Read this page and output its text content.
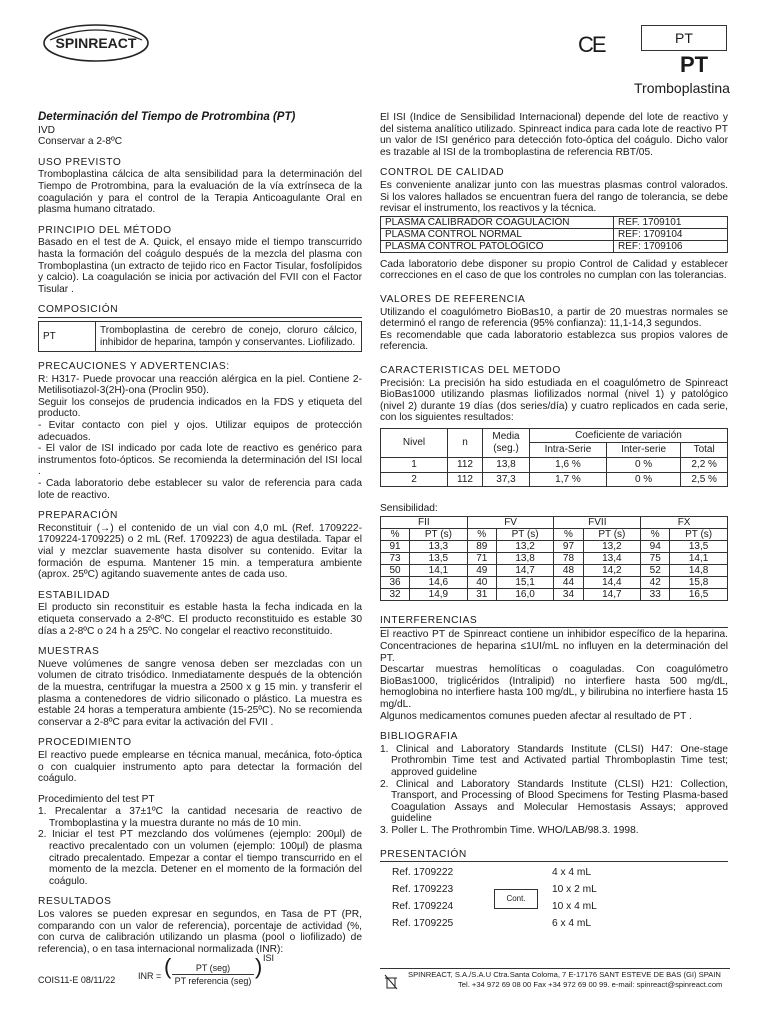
SPINREACT	CE	PT
PT
Tromboplastina
Determinación del Tiempo de Protrombina (PT)
IVD
Conservar a 2-8ºC
USO PREVISTO

Tromboplastina cálcica de alta sensibilidad para la determinación del Tiempo de Protrombina, para la evaluación de la vía extrínseca de la coagulación y para el control de la Terapia Anticoagulante Oral en plasma humano citratado.

PRINCIPIO DEL MÉTODO

Basado en el test de A. Quick, el ensayo mide el tiempo transcurrido hasta la formación del coágulo después de la mezcla del plasma con Tromboplastina (un extracto de tejido rico en Factor Tisular, fosfolípidos y calcio). La coagulación se inicia por activación del FVII con el Factor Tisular .

COMPOSICIÓN
PT	Tromboplastina de cerebro de conejo, cloruro cálcico, inhibidor de heparina, tampón y conservantes. Liofilizado.
PRECAUCIONES Y ADVERTENCIAS:

R: H317- Puede provocar una reacción alérgica en la piel. Contiene 2-Metilisotiazol-3(2H)-ona (Proclin 950).

Seguir los consejos de prudencia indicados en la FDS y etiqueta del producto.

- Evitar contacto con piel y ojos. Utilizar equipos de protección adecuados.

- El valor de ISI indicado por cada lote de reactivo es genérico para instrumentos foto-ópticos. Se recomienda la determinación del ISI local .

- Cada laboratorio debe establecer su valor de referencia para cada lote de reactivo.

PREPARACIÓN

Reconstituir (→) el contenido de un vial con 4,0 mL (Ref. 1709222-1709224-1709225) o 2 mL (Ref. 1709223) de agua destilada. Tapar el vial y mezclar suavemente hasta disolver su contenido. Evitar la formación de espuma. Mantener 15 min. a temperatura ambiente (aprox. 25ºC) agitando suavemente antes de cada uso.

ESTABILIDAD

El producto sin reconstituir es estable hasta la fecha indicada en la etiqueta conservado a 2-8ºC. El producto reconstituido es estable 30 días a 2-8ºC o 24 h a 25ºC. No congelar el reactivo reconstituido.

MUESTRAS

Nueve volúmenes de sangre venosa deben ser mezcladas con un volumen de citrato trisódico. Inmediatamente después de la obtención de la muestra, centrifugar la muestra a 2500 x g 15 min. y transferir el plasma a contenedores de vidrio siliconado o plástico. La muestra es estable 24 horas a temperatura ambiente (15-25ºC). No se recomienda conservar a 2-8ºC para evitar la activación del FVII .

PROCEDIMIENTO

El reactivo puede emplearse en técnica manual, mecánica, foto-óptica o con cualquier instrumento apto para detectar la formación del coágulo.

Procedimiento del test PT

1. Precalentar a 37±1ºC la cantidad necesaria de reactivo de Tromboplastina y la muestra durante no más de 10 min.

2. Iniciar el test PT mezclando dos volúmenes (ejemplo: 200µl) de reactivo precalentado con un volumen (ejemplo: 100µl) de plasma citrado precalentado. Empezar a contar el tiempo transcurrido en el momento de la mezcla. Detener en el momento de la formación del coágulo.

RESULTADOS

Los valores se pueden expresar en segundos, en Tasa de PT (PR, comparando con un valor de referencia), porcentaje de actividad (%, con curva de calibración utilizando un plasma (pool o liofilizado) de referencia), o en tasa internacional normalizada (INR):

INR = (	PT (seg)
PT referencia (seg)
) ISI

El ISI (Indice de Sensibilidad Internacional) depende del lote de reactivo y del sistema analítico utilizado. Spinreact indica para cada lote de reactivo PT un valor de ISI genérico para detección foto-óptica del coágulo. Dicho valor es trazable al ISI de la tromboplastina de referencia RBT/05.

CONTROL DE CALIDAD

Es conveniente analizar junto con las muestras plasmas control valorados. Si los valores hallados se encuentran fuera del rango de tolerancia, se debe revisar el instrumento, los reactivos y la técnica.

PLASMA CALIBRADOR COAGULACIÓN	REF. 1709101
PLASMA CONTROL NORMAL	REF: 1709104
PLASMA CONTROL PATOLÓGICO	REF: 1709106

Cada laboratorio debe disponer su propio Control de Calidad y establecer correcciones en el caso de que los controles no cumplan con las tolerancias.

VALORES DE REFERENCIA

Utilizando el coagulómetro BioBas10, a partir de 20 muestras normales se determinó el rango de referencia (95% confianza): 11,1-14,3 segundos.

Es recomendable que cada laboratorio establezca sus propios valores de referencia.

CARACTERISTICAS DEL METODO

Precisión: La precisión ha sido estudiada en el coagulómetro de Spinreact BioBas1000 utilizando plasmas liofilizados normal (nivel 1) y patológico (nivel 2) durante 19 días (dos series/día) y cuatro replicados en cada serie, con los siguientes resultados:

Nivel	n	Media (seg.)	Coeficiente de variación		
			Intra-Serie	Inter-serie	Total
1	112	13,8	1,6 %	0 %	2,2 %
2	112	37,3	1,7 %	0 %	2,5 %
Sensibilidad:
FII		FV		FVII		FX	
%	PT (s)	%	PT (s)	%	PT (s)	%	PT (s)
91	13,3	89	13,2	97	13,2	94	13,5
73	13,5	71	13,8	78	13,4	75	14,1
50	14,1	49	14,7	48	14,2	52	14,8
36	14,6	40	15,1	44	14,4	42	15,8
32	14,9	31	16,0	34	14,7	33	16,5
INTERFERENCIAS

El reactivo PT de Spinreact contiene un inhibidor específico de la heparina. Concentraciones de heparina ≤1UI/mL no influyen en la determinación del PT.

Descartar muestras hemolíticas o coaguladas. Con coagulómetro BioBas1000, triglicéridos (Intralipid) no interfiere hasta 500 mg/dL, hemoglobina no interfiere hasta 100 mg/dL, y bilirubina no interfiere hasta 15 mg/dL.

Algunos medicamentos comunes pueden afectar al resultado de PT .

BIBLIOGRAFIA

1. Clinical and Laboratory Standards Institute (CLSI) H47: One-stage Prothrombin Time test and Activated partial Thromboplastin Time test; approved guideline

2. Clinical and Laboratory Standards Institute (CLSI) H21: Collection, Transport, and Processing of Blood Specimens for Testing Plasma-based Coagulation Assays and Molecular Hemostasis Assays; approved guideline

3. Poller L. The Prothrombin Time. WHO/LAB/98.3. 1998.

PRESENTACIÓN
Ref. 1709222	4 x 4 mL
Ref. 1709223	10 x 2 mL
Ref. 1709224	10 x 4 mL
Ref. 1709225	6 x 4 mL
Cont.
COIS11-E 08/11/22
SPINREACT, S.A./S.A.U Ctra.Santa Coloma, 7 E-17176 SANT ESTEVE DE BAS (GI) SPAIN
Tel. +34 972 69 08 00 Fax +34 972 69 00 99. e-mail: spinreact@spinreact.com
